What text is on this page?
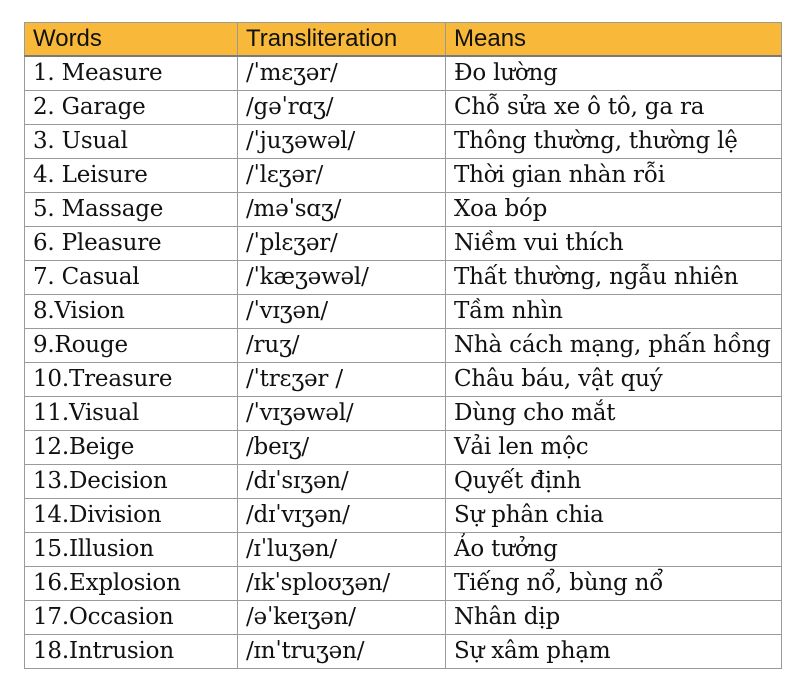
Words	Transliteration	Means
1. Measure	/ˈmɛʒər/	Đo lường
2. Garage	/gəˈrɑʒ/	Chỗ sửa xe ô tô, ga ra
3. Usual	/ˈjuʒəwəl/	Thông thường, thường lệ
4. Leisure	/ˈlɛʒər/	Thời gian nhàn rỗi
5. Massage	/məˈsɑʒ/	Xoa bóp
6. Pleasure	/ˈplɛʒər/	Niềm vui thích
7. Casual	/ˈkæʒəwəl/	Thất thường, ngẫu nhiên
8.Vision	/ˈvɪʒən/	Tầm nhìn
9.Rouge	/ruʒ/	Nhà cách mạng, phấn hồng
10.Treasure	/ˈtrɛʒər /	Châu báu, vật quý
11.Visual	/ˈvɪʒəwəl/	Dùng cho mắt
12.Beige	/beɪʒ/	Vải len mộc
13.Decision	/dɪˈsɪʒən/	Quyết định
14.Division	/dɪˈvɪʒən/	Sự phân chia
15.Illusion	/ɪˈluʒən/	Ảo tưởng
16.Explosion	/ɪkˈsploʊʒən/	Tiếng nổ, bùng nổ
17.Occasion	/əˈkeɪʒən/	Nhân dịp
18.Intrusion	/ɪnˈtruʒən/	Sự xâm phạm
